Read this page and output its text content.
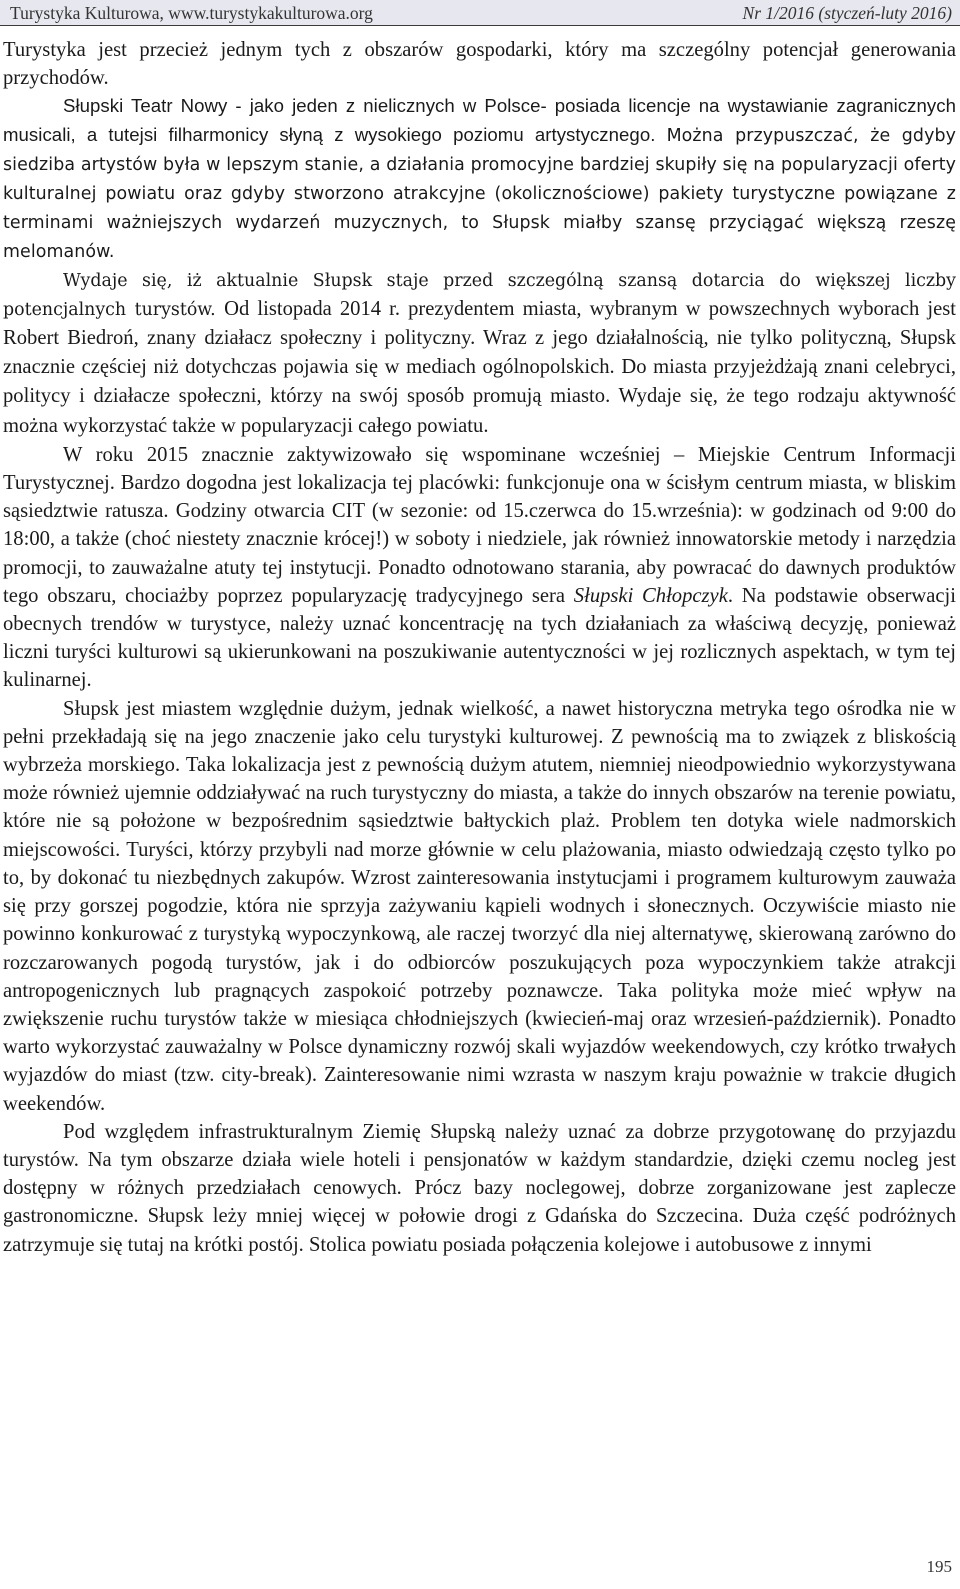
Turystyka Kulturowa, www.turystykakulturowa.org	Nr 1/2016 (styczeń-luty 2016)

Turystyka jest przecież jednym tych z obszarów gospodarki, który ma szczególny potencjał generowania przychodów.

Słupski Teatr Nowy - jako jeden z nielicznych w Polsce- posiada licencje na wystawianie zagranicznych musicali, a tutejsi filharmonicy słyną z wysokiego poziomu artystycznego. Można przypuszczać, że gdyby siedziba artystów była w lepszym stanie, a działania promocyjne bardziej skupiły się na popularyzacji oferty kulturalnej powiatu oraz gdyby stworzono atrakcyjne (okolicznościowe) pakiety turystyczne powiązane z terminami ważniejszych wydarzeń muzycznych, to Słupsk miałby szansę przyciągać większą rzeszę melomanów.

Wydaje się, iż aktualnie Słupsk staje przed szczególną szansą dotarcia do większej liczby potencjalnych turystów. Od listopada 2014 r. prezydentem miasta, wybranym w powszechnych wyborach jest Robert Biedroń, znany działacz społeczny i polityczny. Wraz z jego działalnością, nie tylko polityczną, Słupsk znacznie częściej niż dotychczas pojawia się w mediach ogólnopolskich. Do miasta przyjeżdżają znani celebryci, politycy i działacze społeczni, którzy na swój sposób promują miasto. Wydaje się, że tego rodzaju aktywność można wykorzystać także w popularyzacji całego powiatu.

W roku 2015 znacznie zaktywizowało się wspominane wcześniej – Miejskie Centrum Informacji Turystycznej. Bardzo dogodna jest lokalizacja tej placówki: funkcjonuje ona w ścisłym centrum miasta, w bliskim sąsiedztwie ratusza. Godziny otwarcia CIT (w sezonie: od 15.czerwca do 15.września): w godzinach od 9:00 do 18:00, a także (choć niestety znacznie krócej!) w soboty i niedziele, jak również innowatorskie metody i narzędzia promocji, to zauważalne atuty tej instytucji. Ponadto odnotowano starania, aby powracać do dawnych produktów tego obszaru, chociażby poprzez popularyzację tradycyjnego sera Słupski Chłopczyk. Na podstawie obserwacji obecnych trendów w turystyce, należy uznać koncentrację na tych działaniach za właściwą decyzję, ponieważ liczni turyści kulturowi są ukierunkowani na poszukiwanie autentyczności w jej rozlicznych aspektach, w tym tej kulinarnej.

Słupsk jest miastem względnie dużym, jednak wielkość, a nawet historyczna metryka tego ośrodka nie w pełni przekładają się na jego znaczenie jako celu turystyki kulturowej. Z pewnością ma to związek z bliskością wybrzeża morskiego. Taka lokalizacja jest z pewnością dużym atutem, niemniej nieodpowiednio wykorzystywana może również ujemnie oddziaływać na ruch turystyczny do miasta, a także do innych obszarów na terenie powiatu, które nie są położone w bezpośrednim sąsiedztwie bałtyckich plaż. Problem ten dotyka wiele nadmorskich miejscowości. Turyści, którzy przybyli nad morze głównie w celu plażowania, miasto odwiedzają często tylko po to, by dokonać tu niezbędnych zakupów. Wzrost zainteresowania instytucjami i programem kulturowym zauważa się przy gorszej pogodzie, która nie sprzyja zażywaniu kąpieli wodnych i słonecznych. Oczywiście miasto nie powinno konkurować z turystyką wypoczynkową, ale raczej tworzyć dla niej alternatywę, skierowaną zarówno do rozczarowanych pogodą turystów, jak i do odbiorców poszukujących poza wypoczynkiem także atrakcji antropogenicznych lub pragnących zaspokoić potrzeby poznawcze. Taka polityka może mieć wpływ na zwiększenie ruchu turystów także w miesiąca chłodniejszych (kwiecień-maj oraz wrzesień-październik). Ponadto warto wykorzystać zauważalny w Polsce dynamiczny rozwój skali wyjazdów weekendowych, czy krótko trwałych wyjazdów do miast (tzw. city-break). Zainteresowanie nimi wzrasta w naszym kraju poważnie w trakcie długich weekendów.

Pod względem infrastrukturalnym Ziemię Słupską należy uznać za dobrze przygotowanę do przyjazdu turystów. Na tym obszarze działa wiele hoteli i pensjonatów w każdym standardzie, dzięki czemu nocleg jest dostępny w różnych przedziałach cenowych. Prócz bazy noclegowej, dobrze zorganizowane jest zaplecze gastronomiczne. Słupsk leży mniej więcej w połowie drogi z Gdańska do Szczecina. Duża część podróżnych zatrzymuje się tutaj na krótki postój. Stolica powiatu posiada połączenia kolejowe i autobusowe z innymi

195
